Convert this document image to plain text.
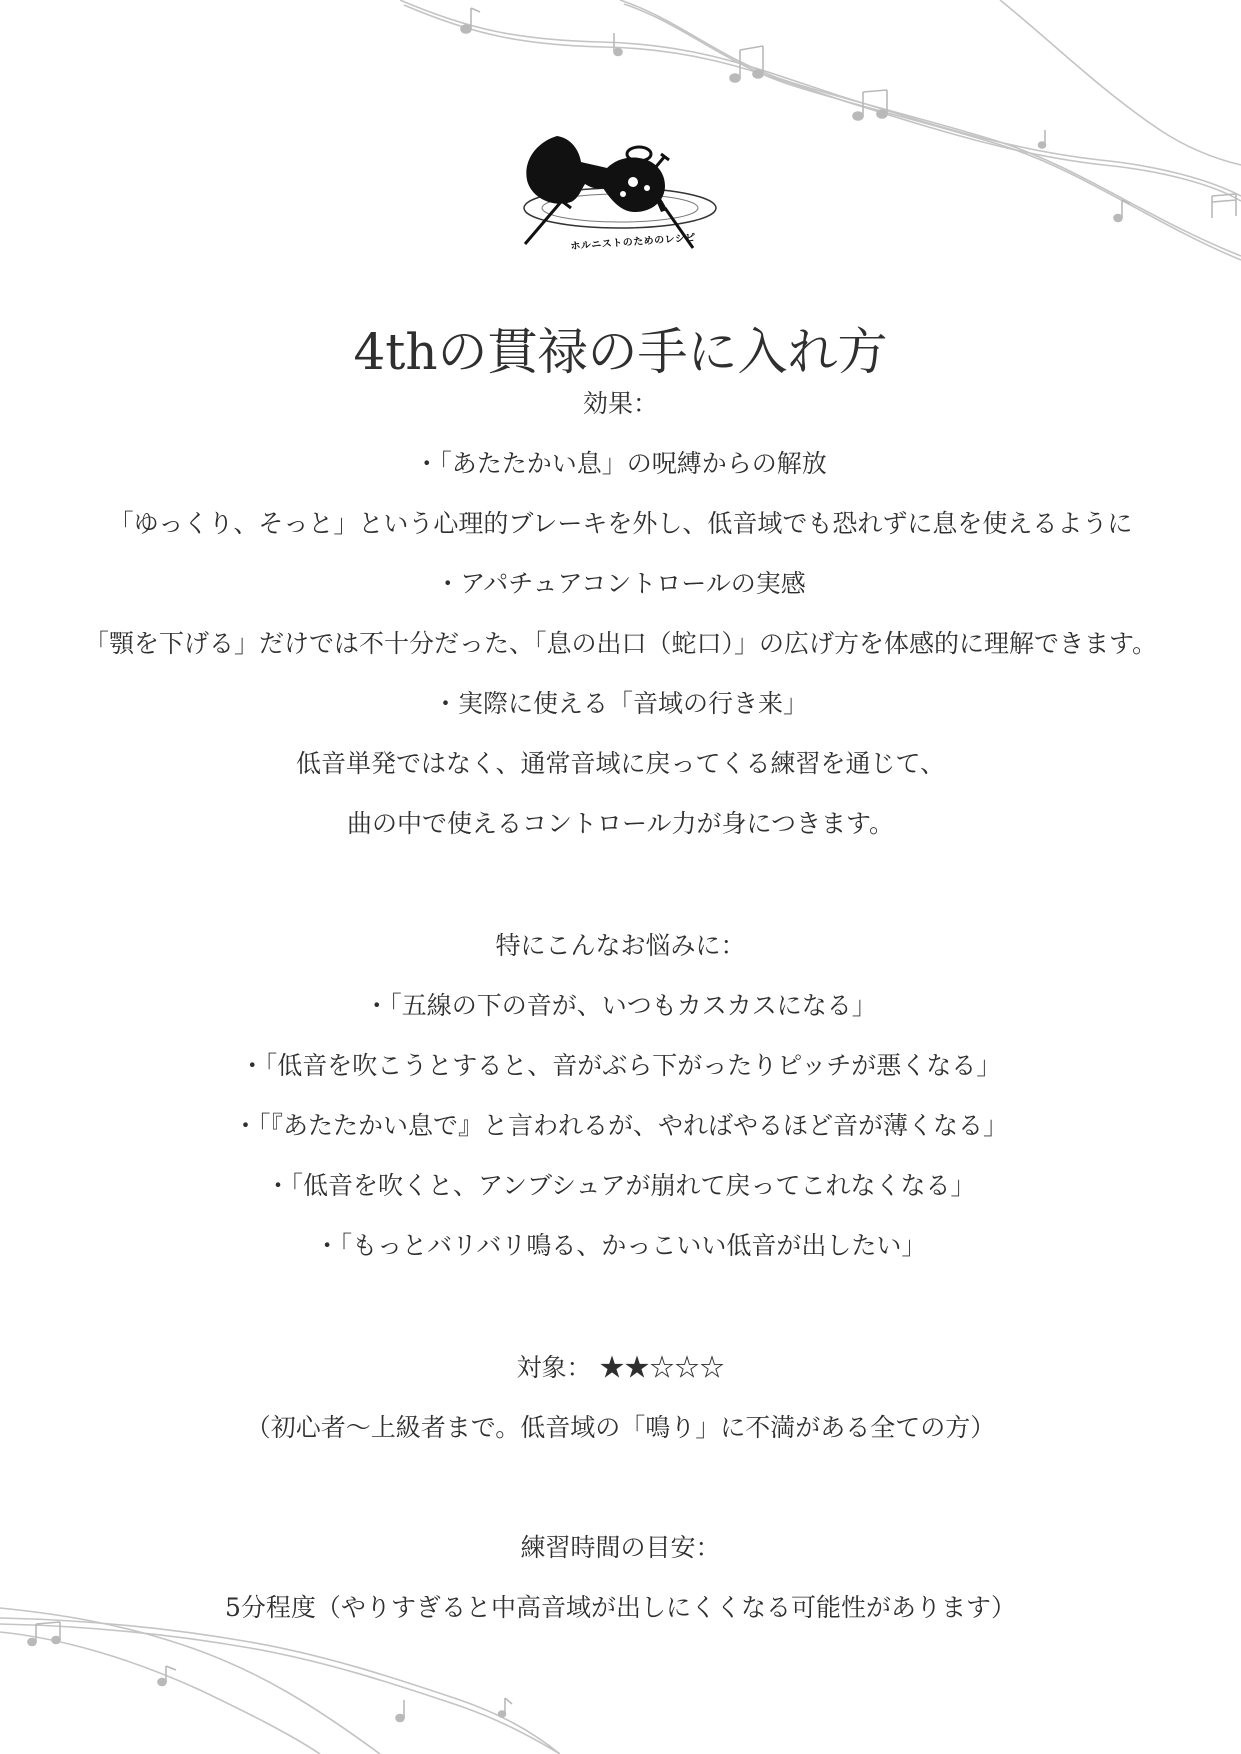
ホルニストのためのレシピ
4thの貫禄の手に入れ方
効果：
・「あたたかい息」の呪縛からの解放
「ゆっくり、そっと」という心理的ブレーキを外し、低音域でも恐れずに息を使えるように
・アパチュアコントロールの実感
「顎を下げる」だけでは不十分だった、「息の出口（蛇口）」の広げ方を体感的に理解できます。
・実際に使える「音域の行き来」
低音単発ではなく、通常音域に戻ってくる練習を通じて、
曲の中で使えるコントロール力が身につきます。
特にこんなお悩みに：
・「五線の下の音が、いつもカスカスになる」
・「低音を吹こうとすると、音がぶら下がったりピッチが悪くなる」
・「『あたたかい息で』と言われるが、やればやるほど音が薄くなる」
・「低音を吹くと、アンブシュアが崩れて戻ってこれなくなる」
・「もっとバリバリ鳴る、かっこいい低音が出したい」
対象： ★★☆☆☆
（初心者〜上級者まで。低音域の「鳴り」に不満がある全ての方）
練習時間の目安：
5分程度（やりすぎると中高音域が出しにくくなる可能性があります）
